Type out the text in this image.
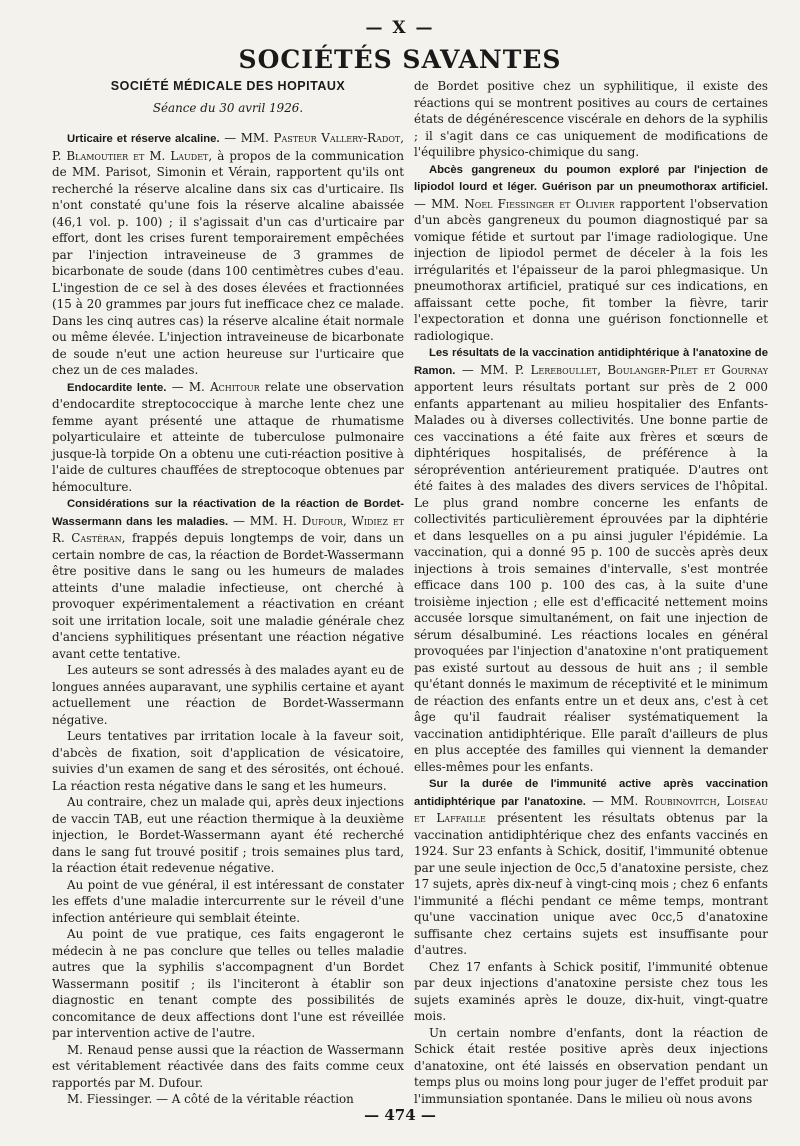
— X —
SOCIÉTÉS SAVANTES
SOCIÉTÉ MÉDICALE DES HOPITAUX
Séance du 30 avril 1926.

Urticaire et réserve alcaline. — MM. Pasteur Vallery-Radot, P. Blamoutier et M. Laudet, à propos de la communication de MM. Parisot, Simonin et Vérain, rapportent qu'ils ont recherché la réserve alcaline dans six cas d'urticaire. Ils n'ont constaté qu'une fois la réserve alcaline abaissée (46,1 vol. p. 100) ; il s'agissait d'un cas d'urticaire par effort, dont les crises furent temporairement empêchées par l'injection intraveineuse de 3 grammes de bicarbonate de soude (dans 100 centimètres cubes d'eau. L'ingestion de ce sel à des doses élevées et fractionnées (15 à 20 grammes par jours fut inefficace chez ce malade. Dans les cinq autres cas) la réserve alcaline était normale ou même élevée. L'injection intraveineuse de bicarbonate de soude n'eut une action heureuse sur l'urticaire que chez un de ces malades.

Endocardite lente. — M. Achitour relate une observation d'endocardite streptococcique à marche lente chez une femme ayant présenté une attaque de rhumatisme polyarticulaire et atteinte de tuberculose pulmonaire jusque-là torpide On a obtenu une cuti-réaction positive à l'aide de cultures chauffées de streptocoque obtenues par hémoculture.

Considérations sur la réactivation de la réaction de Bordet-Wassermann dans les maladies. — MM. H. Dufour, Widiez et R. Castéran, frappés depuis longtemps de voir, dans un certain nombre de cas, la réaction de Bordet-Wassermann être positive dans le sang ou les humeurs de malades atteints d'une maladie infectieuse, ont cherché à provoquer expérimentalement a réactivation en créant soit une irritation locale, soit une maladie générale chez d'anciens syphilitiques présentant une réaction négative avant cette tentative.

Les auteurs se sont adressés à des malades ayant eu de longues années auparavant, une syphilis certaine et ayant actuellement une réaction de Bordet-Wassermann négative.

Leurs tentatives par irritation locale à la faveur soit, d'abcès de fixation, soit d'application de vésicatoire, suivies d'un examen de sang et des sérosités, ont échoué. La réaction resta négative dans le sang et les humeurs.

Au contraire, chez un malade qui, après deux injections de vaccin TAB, eut une réaction thermique à la deuxième injection, le Bordet-Wassermann ayant été recherché dans le sang fut trouvé positif ; trois semaines plus tard, la réaction était redevenue négative.

Au point de vue général, il est intéressant de constater les effets d'une maladie intercurrente sur le réveil d'une infection antérieure qui semblait éteinte.

Au point de vue pratique, ces faits engageront le médecin à ne pas conclure que telles ou telles maladie autres que la syphilis s'accompagnent d'un Bordet Wassermann positif ; ils l'inciteront à établir son diagnostic en tenant compte des possibilités de concomitance de deux affections dont l'une est réveillée par intervention active de l'autre.

M. Renaud pense aussi que la réaction de Wassermann est véritablement réactivée dans des faits comme ceux rapportés par M. Dufour.

M. Fiessinger. — A côté de la véritable réaction

de Bordet positive chez un syphilitique, il existe des réactions qui se montrent positives au cours de certaines états de dégénérescence viscérale en dehors de la syphilis ; il s'agit dans ce cas uniquement de modifications de l'équilibre physico-chimique du sang.

Abcès gangreneux du poumon exploré par l'injection de lipiodol lourd et léger. Guérison par un pneumothorax artificiel. — MM. Noel Fiessinger et Olivier rapportent l'observation d'un abcès gangreneux du poumon diagnostiqué par sa vomique fétide et surtout par l'image radiologique. Une injection de lipiodol permet de déceler à la fois les irrégularités et l'épaisseur de la paroi phlegmasique. Un pneumothorax artificiel, pratiqué sur ces indications, en affaissant cette poche, fit tomber la fièvre, tarir l'expectoration et donna une guérison fonctionnelle et radiologique.

Les résultats de la vaccination antidiphtérique à l'anatoxine de Ramon. — MM. P. Lereboullet, Boulanger-Pilet et Gournay apportent leurs résultats portant sur près de 2 000 enfants appartenant au milieu hospitalier des Enfants-Malades ou à diverses collectivités. Une bonne partie de ces vaccinations a été faite aux frères et sœurs de diphtériques hospitalisés, de préférence à la séroprévention antérieurement pratiquée. D'autres ont été faites à des malades des divers services de l'hôpital. Le plus grand nombre concerne les enfants de collectivités particulièrement éprouvées par la diphtérie et dans lesquelles on a pu ainsi juguler l'épidémie. La vaccination, qui a donné 95 p. 100 de succès après deux injections à trois semaines d'intervalle, s'est montrée efficace dans 100 p. 100 des cas, à la suite d'une troisième injection ; elle est d'efficacité nettement moins accusée lorsque simultanément, on fait une injection de sérum désalbuminé. Les réactions locales en général provoquées par l'injection d'anatoxine n'ont pratiquement pas existé surtout au dessous de huit ans ; il semble qu'étant donnés le maximum de réceptivité et le minimum de réaction des enfants entre un et deux ans, c'est à cet âge qu'il faudrait réaliser systématiquement la vaccination antidiphtérique. Elle paraît d'ailleurs de plus en plus acceptée des familles qui viennent la demander elles-mêmes pour les enfants.

Sur la durée de l'immunité active après vaccination antidiphtérique par l'anatoxine. — MM. Roubinovitch, Loiseau et Laffaille présentent les résultats obtenus par la vaccination antidiphtérique chez des enfants vaccinés en 1924. Sur 23 enfants à Schick, dositif, l'immunité obtenue par une seule injection de 0cc,5 d'anatoxine persiste, chez 17 sujets, après dix-neuf à vingt-cinq mois ; chez 6 enfants l'immunité a fléchi pendant ce même temps, montrant qu'une vaccination unique avec 0cc,5 d'anatoxine suffisante chez certains sujets est insuffisante pour d'autres.

Chez 17 enfants à Schick positif, l'immunité obtenue par deux injections d'anatoxine persiste chez tous les sujets examinés après le douze, dix-huit, vingt-quatre mois.

Un certain nombre d'enfants, dont la réaction de Schick était restée positive après deux injections d'anatoxine, ont été laissés en observation pendant un temps plus ou moins long pour juger de l'effet produit par l'immunsiation spontanée. Dans le milieu où nous avons

— 474 —
